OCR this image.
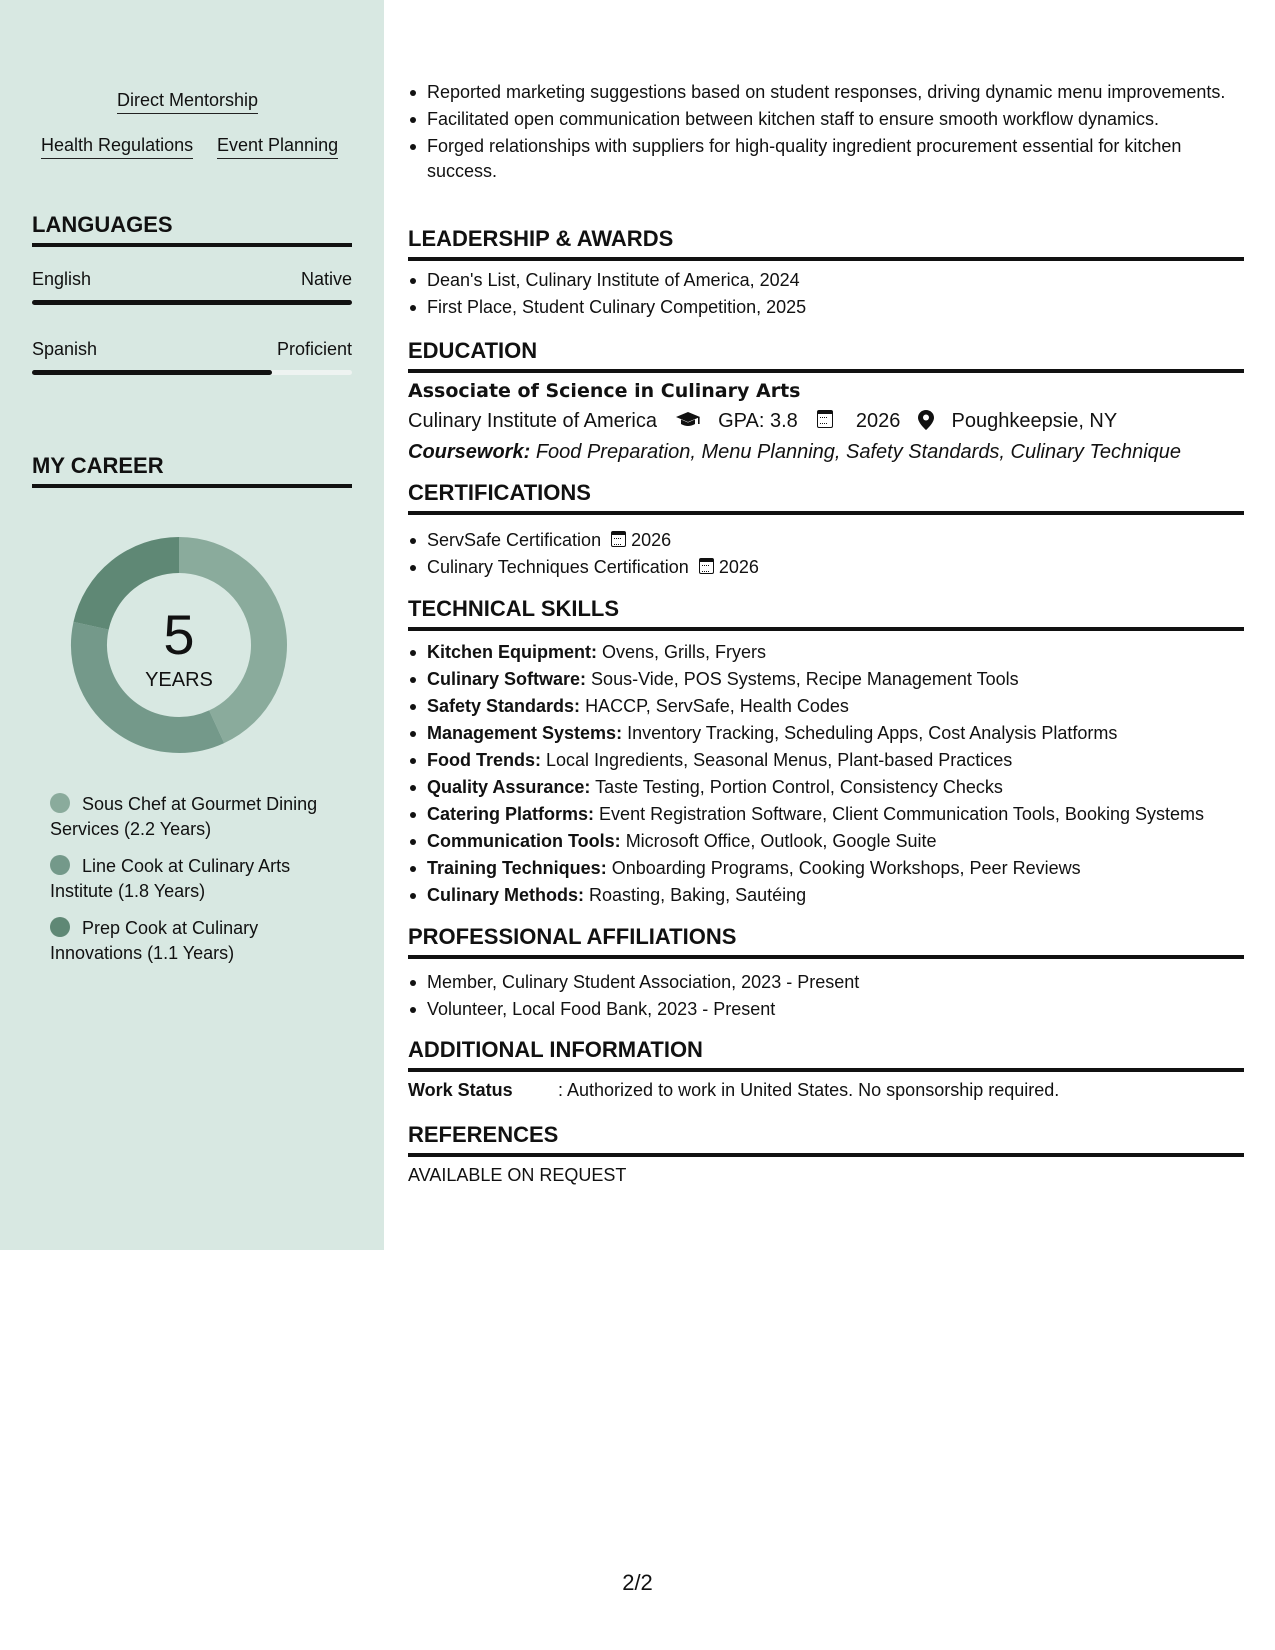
Direct Mentorship
Health Regulations Event Planning
LANGUAGES
English	Native
Spanish	Proficient
MY CAREER
5
YEARS
Sous Chef at Gourmet Dining Services (2.2 Years)
Line Cook at Culinary Arts Institute (1.8 Years)
Prep Cook at Culinary Innovations (1.1 Years)
Reported marketing suggestions based on student responses, driving dynamic menu improvements.
Facilitated open communication between kitchen staff to ensure smooth workflow dynamics.
Forged relationships with suppliers for high-quality ingredient procurement essential for kitchen success.
LEADERSHIP & AWARDS
Dean's List, Culinary Institute of America, 2024
First Place, Student Culinary Competition, 2025
EDUCATION
Associate of Science in Culinary Arts
Culinary Institute of America	GPA: 3.8	2026	Poughkeepsie, NY
Coursework: Food Preparation, Menu Planning, Safety Standards, Culinary Technique
CERTIFICATIONS
ServSafe Certification 2026
Culinary Techniques Certification 2026
TECHNICAL SKILLS
Kitchen Equipment: Ovens, Grills, Fryers
Culinary Software: Sous-Vide, POS Systems, Recipe Management Tools
Safety Standards: HACCP, ServSafe, Health Codes
Management Systems: Inventory Tracking, Scheduling Apps, Cost Analysis Platforms
Food Trends: Local Ingredients, Seasonal Menus, Plant-based Practices
Quality Assurance: Taste Testing, Portion Control, Consistency Checks
Catering Platforms: Event Registration Software, Client Communication Tools, Booking Systems
Communication Tools: Microsoft Office, Outlook, Google Suite
Training Techniques: Onboarding Programs, Cooking Workshops, Peer Reviews
Culinary Methods: Roasting, Baking, Sautéing
PROFESSIONAL AFFILIATIONS
Member, Culinary Student Association, 2023 - Present
Volunteer, Local Food Bank, 2023 - Present
ADDITIONAL INFORMATION
Work Status	: Authorized to work in United States. No sponsorship required.
REFERENCES
AVAILABLE ON REQUEST
2/2
